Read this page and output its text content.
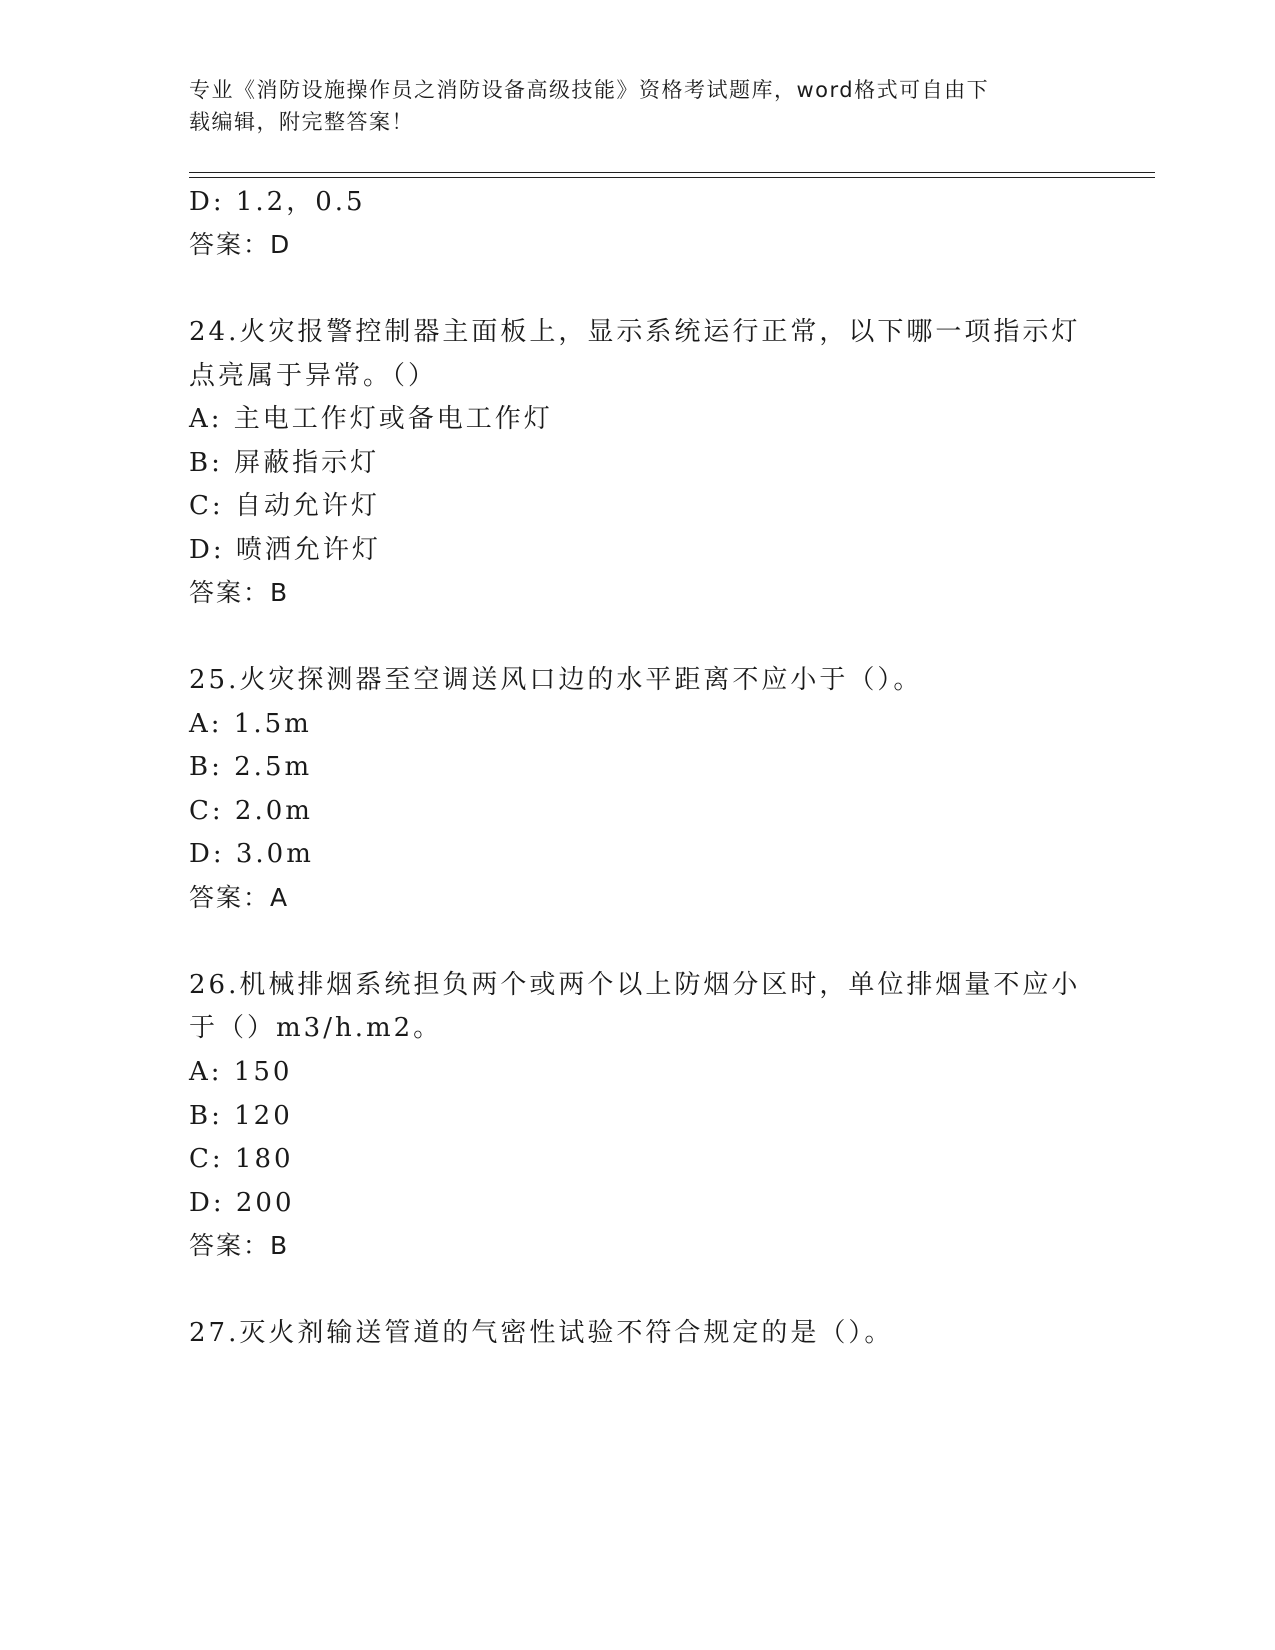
专业《消防设施操作员之消防设备高级技能》资格考试题库，word格式可自由下
载编辑，附完整答案！
D: 1.2，0.5
答案：D
24.火灾报警控制器主面板上，显示系统运行正常，以下哪一项指示灯
点亮属于异常。（）
A: 主电工作灯或备电工作灯
B: 屏蔽指示灯
C: 自动允许灯
D: 喷洒允许灯
答案：B
25.火灾探测器至空调送风口边的水平距离不应小于（）。
A: 1.5m
B: 2.5m
C: 2.0m
D: 3.0m
答案：A
26.机械排烟系统担负两个或两个以上防烟分区时，单位排烟量不应小
于（）m3/h.m2。
A: 150
B: 120
C: 180
D: 200
答案：B
27.灭火剂输送管道的气密性试验不符合规定的是（）。
